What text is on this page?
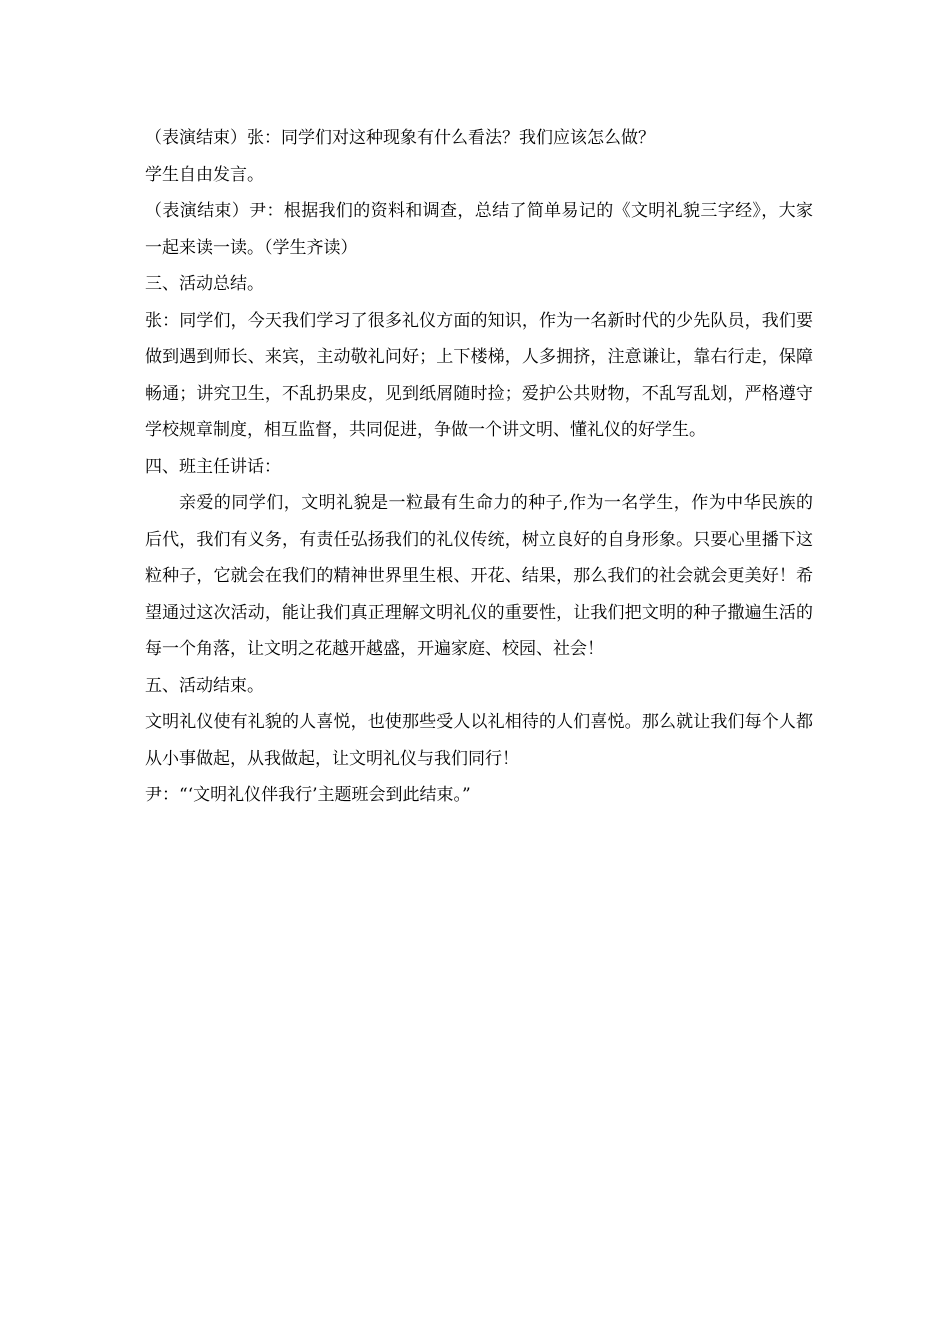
（表演结束）张：同学们对这种现象有什么看法？我们应该怎么做？

学生自由发言。

（表演结束）尹：根据我们的资料和调查，总结了简单易记的《文明礼貌三字经》，大家一起来读一读。（学生齐读）

三、活动总结。

张：同学们，今天我们学习了很多礼仪方面的知识，作为一名新时代的少先队员，我们要做到遇到师长、来宾，主动敬礼问好；上下楼梯，人多拥挤，注意谦让，靠右行走，保障畅通；讲究卫生，不乱扔果皮，见到纸屑随时捡；爱护公共财物，不乱写乱划，严格遵守学校规章制度，相互监督，共同促进，争做一个讲文明、懂礼仪的好学生。

四、班主任讲话：

亲爱的同学们，文明礼貌是一粒最有生命力的种子,作为一名学生，作为中华民族的后代，我们有义务，有责任弘扬我们的礼仪传统，树立良好的自身形象。只要心里播下这粒种子，它就会在我们的精神世界里生根、开花、结果，那么我们的社会就会更美好！希望通过这次活动，能让我们真正理解文明礼仪的重要性，让我们把文明的种子撒遍生活的每一个角落，让文明之花越开越盛，开遍家庭、校园、社会！

五、活动结束。

文明礼仪使有礼貌的人喜悦，也使那些受人以礼相待的人们喜悦。那么就让我们每个人都从小事做起，从我做起，让文明礼仪与我们同行！

尹：“‘文明礼仪伴我行’主题班会到此结束。”
